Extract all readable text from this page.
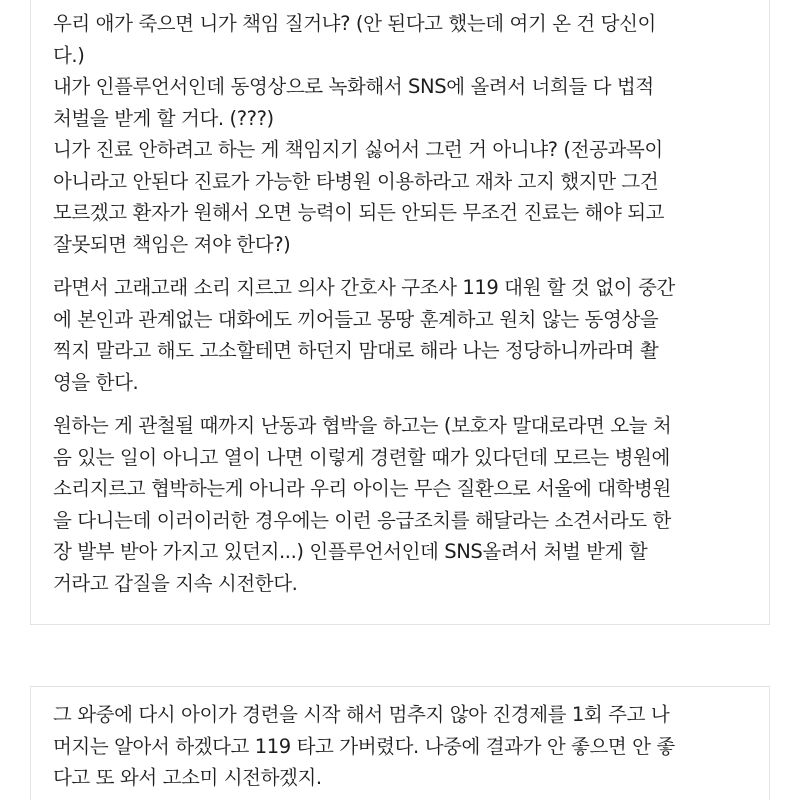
우리 애가 죽으면 니가 책임 질거냐? (안 된다고 했는데 여기 온 건 당신이
다.)
내가 인플루언서인데 동영상으로 녹화해서 SNS에 올려서 너희들 다 법적
처벌을 받게 할 거다. (???)
니가 진료 안하려고 하는 게 책임지기 싫어서 그런 거 아니냐? (전공과목이
아니라고 안된다 진료가 가능한 타병원 이용하라고 재차 고지 했지만 그건
모르겠고 환자가 원해서 오면 능력이 되든 안되든 무조건 진료는 해야 되고
잘못되면 책임은 져야 한다?)

라면서 고래고래 소리 지르고 의사 간호사 구조사 119 대원 할 것 없이 중간
에 본인과 관계없는 대화에도 끼어들고 몽땅 훈계하고 원치 않는 동영상을
찍지 말라고 해도 고소할테면 하던지 맘대로 해라 나는 정당하니까라며 촬
영을 한다.

원하는 게 관철될 때까지 난동과 협박을 하고는 (보호자 말대로라면 오늘 처
음 있는 일이 아니고 열이 나면 이렇게 경련할 때가 있다던데 모르는 병원에
소리지르고 협박하는게 아니라 우리 아이는 무슨 질환으로 서울에 대학병원
을 다니는데 이러이러한 경우에는 이런 응급조치를 해달라는 소견서라도 한
장 발부 받아 가지고 있던지...) 인플루언서인데 SNS올려서 처벌 받게 할
거라고 갑질을 지속 시전한다.

그 와중에 다시 아이가 경련을 시작 해서 멈추지 않아 진경제를 1회 주고 나
머지는 알아서 하겠다고 119 타고 가버렸다. 나중에 결과가 안 좋으면 안 좋
다고 또 와서 고소미 시전하겠지.
